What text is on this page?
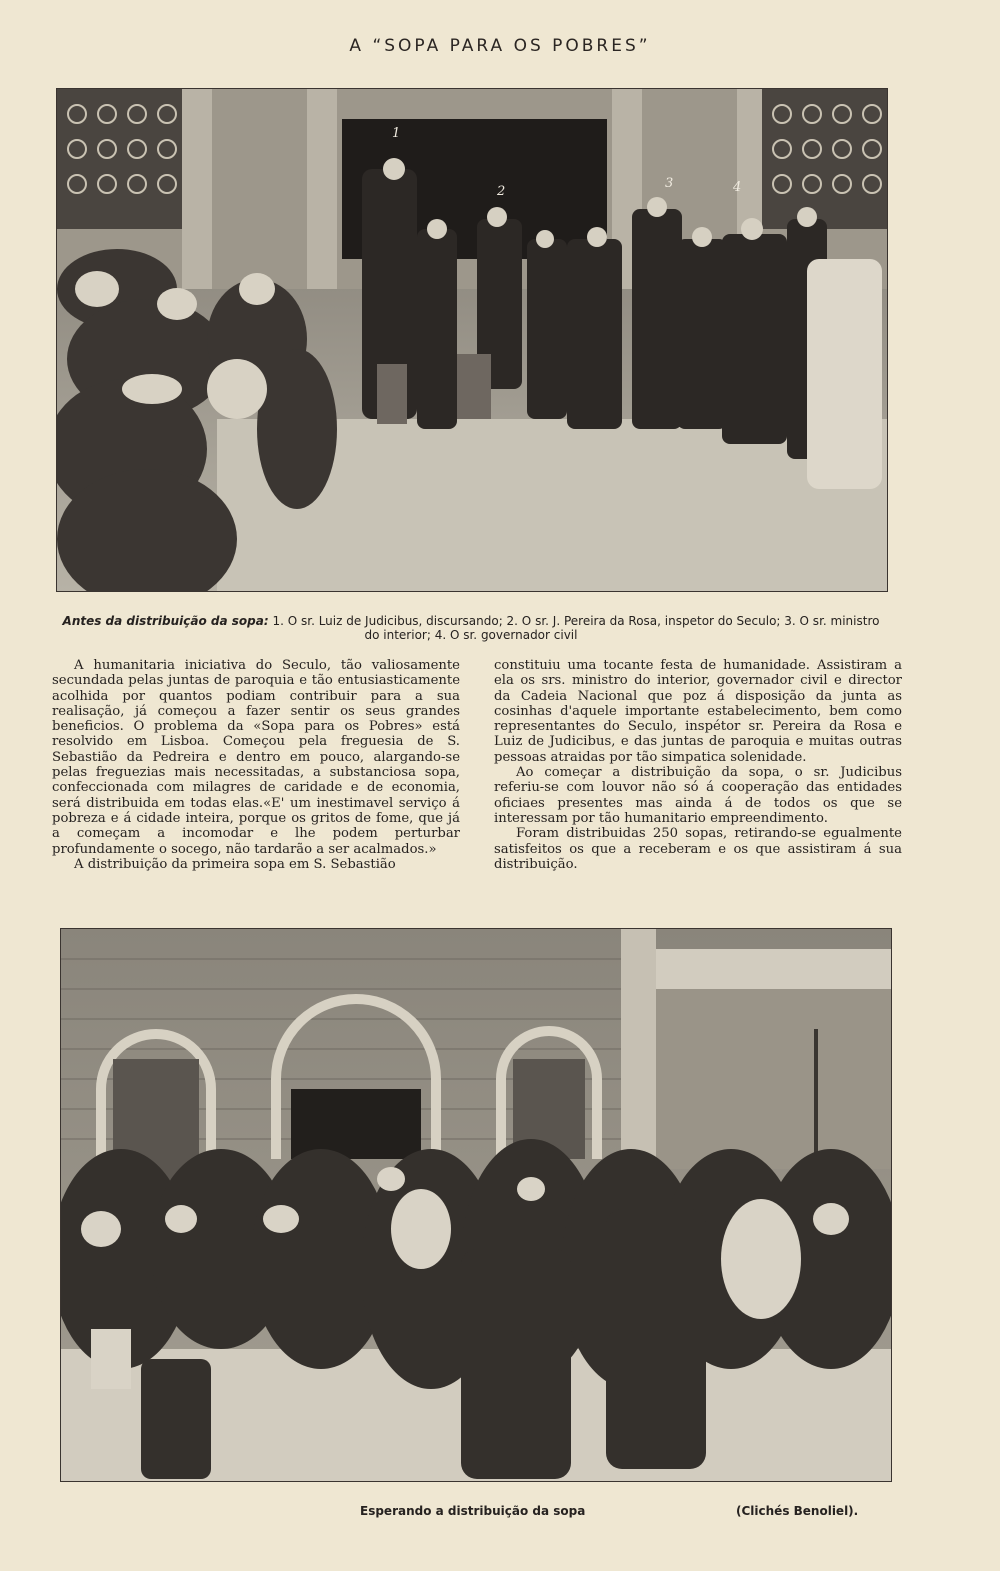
A “SOPA PARA OS POBRES”
1
2
3	4
Antes da distribuição da sopa: 1. O sr. Luiz de Judicibus, discursando; 2. O sr. J. Pereira da Rosa, inspetor do Seculo; 3. O sr. ministro do interior; 4. O sr. governador civil

A humanitaria iniciativa do Seculo, tão valiosamente secundada pelas juntas de paroquia e tão entusiasticamente acolhida por quantos podiam contribuir para a sua realisação, já começou a fazer sentir os seus grandes beneficios. O problema da «Sopa para os Pobres» está resolvido em Lisboa. Começou pela freguesia de S. Sebastião da Pedreira e dentro em pouco, alargando-se pelas freguezias mais necessitadas, a substanciosa sopa, confeccionada com milagres de caridade e de economia, será distribuida em todas elas.«E' um inestimavel serviço á pobreza e á cidade inteira, porque os gritos de fome, que já a começam a incomodar e lhe podem perturbar profundamente o socego, não tardarão a ser acalmados.»

A distribuição da primeira sopa em S. Sebastião

constituiu uma tocante festa de humanidade. Assistiram a ela os srs. ministro do interior, governador civil e director da Cadeia Nacional que poz á disposição da junta as cosinhas d'aquele importante estabelecimento, bem como representantes do Seculo, inspétor sr. Pereira da Rosa e Luiz de Judicibus, e das juntas de paroquia e muitas outras pessoas atraidas por tão simpatica solenidade.

Ao começar a distribuição da sopa, o sr. Judicibus referiu-se com louvor não só á cooperação das entidades oficiaes presentes mas ainda á de todos os que se interessam por tão humanitario empreendimento.

Foram distribuidas 250 sopas, retirando-se egualmente satisfeitos os que a receberam e os que assistiram á sua distribuição.

Esperando a distribuição da sopa	(Clichés Benoliel).
